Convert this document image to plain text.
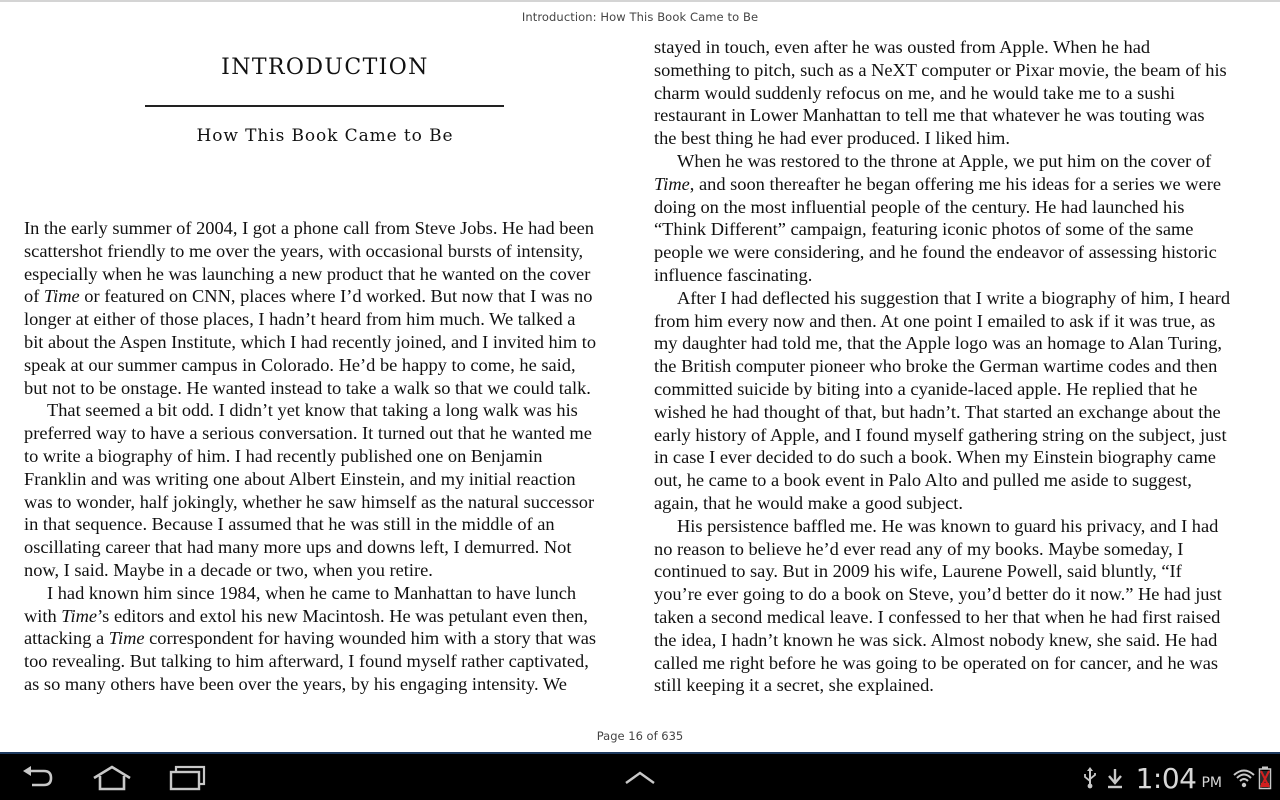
Introduction: How This Book Came to Be
INTRODUCTION
How This Book Came to Be
In the early summer of 2004, I got a phone call from Steve Jobs. He had been
scattershot friendly to me over the years, with occasional bursts of intensity,
especially when he was launching a new product that he wanted on the cover
of Time or featured on CNN, places where I’d worked. But now that I was no
longer at either of those places, I hadn’t heard from him much. We talked a
bit about the Aspen Institute, which I had recently joined, and I invited him to
speak at our summer campus in Colorado. He’d be happy to come, he said,
but not to be onstage. He wanted instead to take a walk so that we could talk.
That seemed a bit odd. I didn’t yet know that taking a long walk was his
preferred way to have a serious conversation. It turned out that he wanted me
to write a biography of him. I had recently published one on Benjamin
Franklin and was writing one about Albert Einstein, and my initial reaction
was to wonder, half jokingly, whether he saw himself as the natural successor
in that sequence. Because I assumed that he was still in the middle of an
oscillating career that had many more ups and downs left, I demurred. Not
now, I said. Maybe in a decade or two, when you retire.
I had known him since 1984, when he came to Manhattan to have lunch
with Time’s editors and extol his new Macintosh. He was petulant even then,
attacking a Time correspondent for having wounded him with a story that was
too revealing. But talking to him afterward, I found myself rather captivated,
as so many others have been over the years, by his engaging intensity. We
stayed in touch, even after he was ousted from Apple. When he had
something to pitch, such as a NeXT computer or Pixar movie, the beam of his
charm would suddenly refocus on me, and he would take me to a sushi
restaurant in Lower Manhattan to tell me that whatever he was touting was
the best thing he had ever produced. I liked him.
When he was restored to the throne at Apple, we put him on the cover of
Time, and soon thereafter he began offering me his ideas for a series we were
doing on the most influential people of the century. He had launched his
“Think Different” campaign, featuring iconic photos of some of the same
people we were considering, and he found the endeavor of assessing historic
influence fascinating.
After I had deflected his suggestion that I write a biography of him, I heard
from him every now and then. At one point I emailed to ask if it was true, as
my daughter had told me, that the Apple logo was an homage to Alan Turing,
the British computer pioneer who broke the German wartime codes and then
committed suicide by biting into a cyanide-laced apple. He replied that he
wished he had thought of that, but hadn’t. That started an exchange about the
early history of Apple, and I found myself gathering string on the subject, just
in case I ever decided to do such a book. When my Einstein biography came
out, he came to a book event in Palo Alto and pulled me aside to suggest,
again, that he would make a good subject.
His persistence baffled me. He was known to guard his privacy, and I had
no reason to believe he’d ever read any of my books. Maybe someday, I
continued to say. But in 2009 his wife, Laurene Powell, said bluntly, “If
you’re ever going to do a book on Steve, you’d better do it now.” He had just
taken a second medical leave. I confessed to her that when he had first raised
the idea, I hadn’t known he was sick. Almost nobody knew, she said. He had
called me right before he was going to be operated on for cancer, and he was
still keeping it a secret, she explained.
Page 16 of 635
1:04 PM
